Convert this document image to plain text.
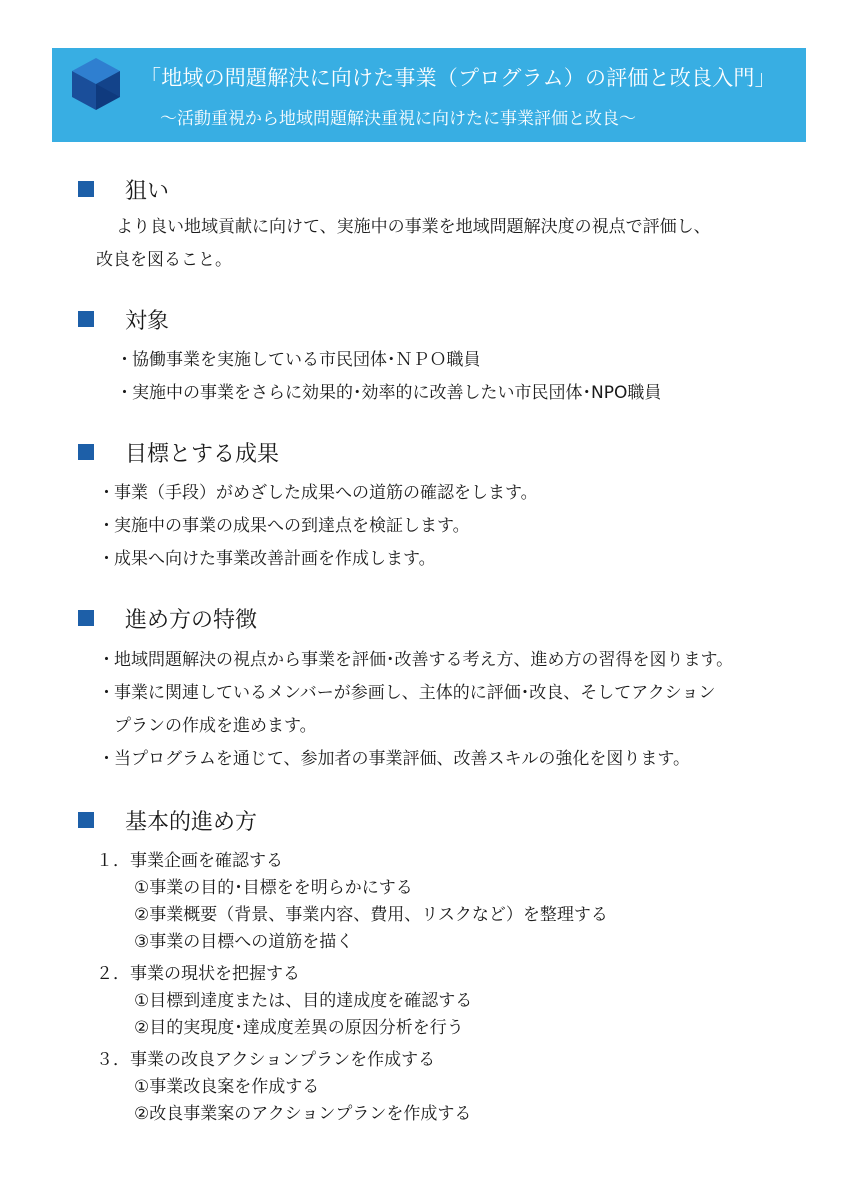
「地域の問題解決に向けた事業（プログラム）の評価と改良入門」
～活動重視から地域問題解決重視に向けたに事業評価と改良～
狙い
より良い地域貢献に向けて、実施中の事業を地域問題解決度の視点で評価し、
改良を図ること。
対象
・協働事業を実施している市民団体･ＮＰＯ職員
・実施中の事業をさらに効果的･効率的に改善したい市民団体･NPO職員
目標とする成果
・事業（手段）がめざした成果への道筋の確認をします。
・実施中の事業の成果への到達点を検証します。
・成果へ向けた事業改善計画を作成します。
進め方の特徴
・地域問題解決の視点から事業を評価･改善する考え方、進め方の習得を図ります。
・事業に関連しているメンバーが参画し、主体的に評価･改良、そしてアクション
プランの作成を進めます。
・当プログラムを通じて、参加者の事業評価、改善スキルの強化を図ります。
基本的進め方
１．事業企画を確認する
①事業の目的･目標をを明らかにする
②事業概要（背景、事業内容、費用、リスクなど）を整理する
③事業の目標への道筋を描く
２．事業の現状を把握する
①目標到達度または、目的達成度を確認する
②目的実現度･達成度差異の原因分析を行う
３．事業の改良アクションプランを作成する
①事業改良案を作成する
②改良事業案のアクションプランを作成する
